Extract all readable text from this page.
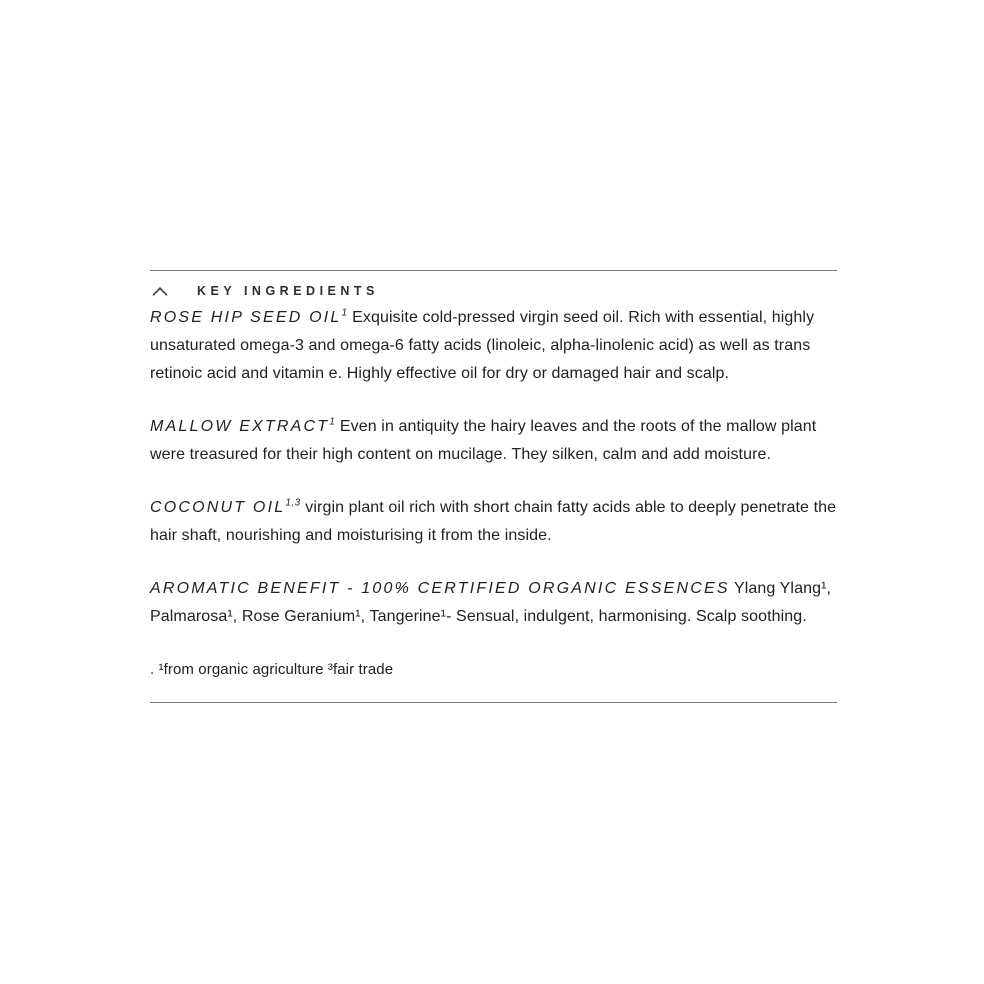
KEY INGREDIENTS

ROSE HIP SEED OIL$^1$ Exquisite cold-pressed virgin seed oil. Rich with essential, highly unsaturated omega-3 and omega-6 fatty acids (linoleic, alpha-linolenic acid) as well as trans retinoic acid and vitamin e. Highly effective oil for dry or damaged hair and scalp.

MALLOW EXTRACT$^1$ Even in antiquity the hairy leaves and the roots of the mallow plant were treasured for their high content on mucilage. They silken, calm and add moisture.

COCONUT OIL$^{1,3}$ virgin plant oil rich with short chain fatty acids able to deeply penetrate the hair shaft, nourishing and moisturising it from the inside.

AROMATIC BENEFIT - 100% CERTIFIED ORGANIC ESSENCES Ylang Ylang¹, Palmarosa¹, Rose Geranium¹, Tangerine¹- Sensual, indulgent, harmonising. Scalp soothing.

. ¹from organic agriculture ³fair trade
